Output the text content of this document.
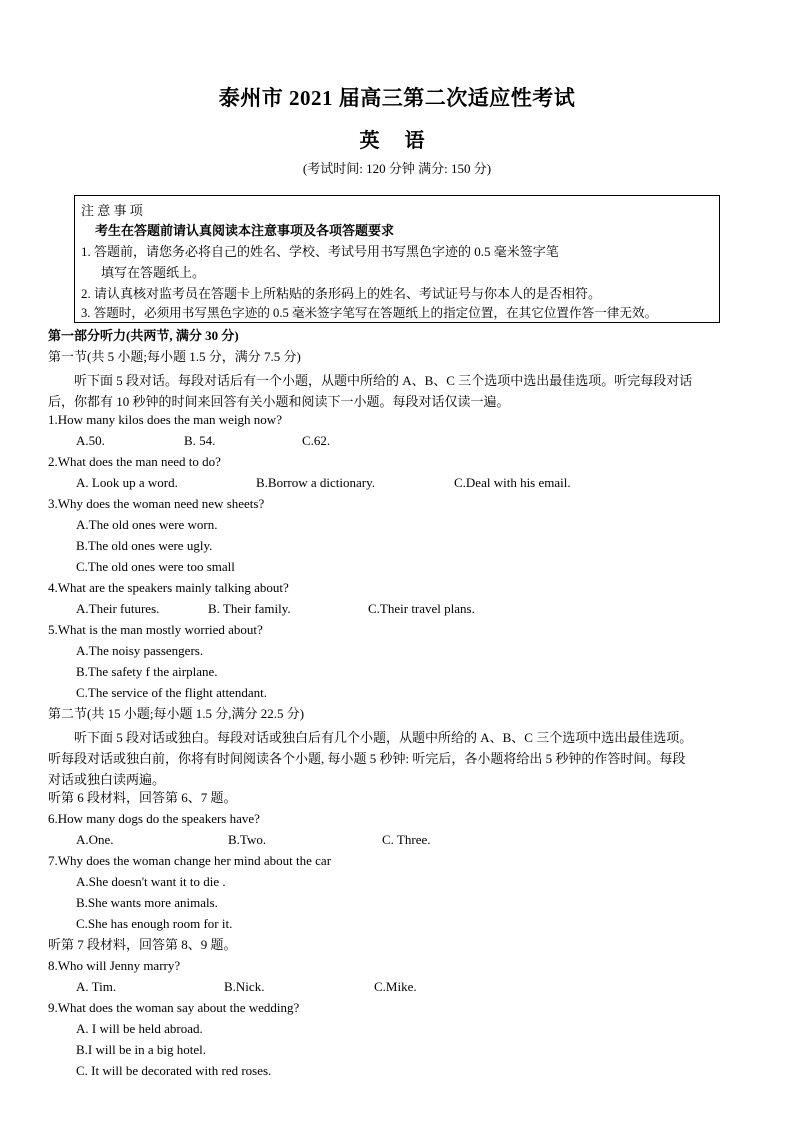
泰州市 2021 届高三第二次适应性考试
英 语
(考试时间: 120 分钟 满分: 150 分)
注 意 事 项
考生在答题前请认真阅读本注意事项及各项答题要求
1. 答题前，请您务必将自己的姓名、学校、考试号用书写黑色字迹的 0.5 毫米签字笔
填写在答题纸上。
2. 请认真核对监考员在答题卡上所粘贴的条形码上的姓名、考试证号与你本人的是否相符。
3. 答题时，必须用书写黑色字迹的 0.5 毫米签字笔写在答题纸上的指定位置，在其它位置作答一律无效。
第一部分听力(共两节, 满分 30 分)
第一节(共 5 小题;每小题 1.5 分，满分 7.5 分)
听下面 5 段对话。每段对话后有一个小题，从题中所给的 A、B、C 三个选项中选出最佳选项。听完每段对话
后，你都有 10 秒钟的时间来回答有关小题和阅读下一小题。每段对话仅读一遍。
1.How many kilos does the man weigh now?
A.50.	B. 54.	C.62.
2.What does the man need to do?
A. Look up a word.	B.Borrow a dictionary.	C.Deal with his email.
3.Why does the woman need new sheets?
A.The old ones were worn.
B.The old ones were ugly.
C.The old ones were too small
4.What are the speakers mainly talking about?
A.Their futures.	B. Their family.	C.Their travel plans.
5.What is the man mostly worried about?
A.The noisy passengers.
B.The safety f the airplane.
C.The service of the flight attendant.
第二节(共 15 小题;每小题 1.5 分,满分 22.5 分)
听下面 5 段对话或独白。每段对话或独白后有几个小题，从题中所给的 A、B、C 三个选项中选出最佳选项。
听每段对话或独白前，你将有时间阅读各个小题, 每小题 5 秒钟: 听完后，各小题将给出 5 秒钟的作答时间。每段
对话或独白读两遍。
听第 6 段材料，回答第 6、7 题。
6.How many dogs do the speakers have?
A.One.	B.Two.	C. Three.
7.Why does the woman change her mind about the car
A.She doesn't want it to die .
B.She wants more animals.
C.She has enough room for it.
听第 7 段材料，回答第 8、9 题。
8.Who will Jenny marry?
A. Tim.	B.Nick.	C.Mike.
9.What does the woman say about the wedding?
A. I will be held abroad.
B.I will be in a big hotel.
C. It will be decorated with red roses.
